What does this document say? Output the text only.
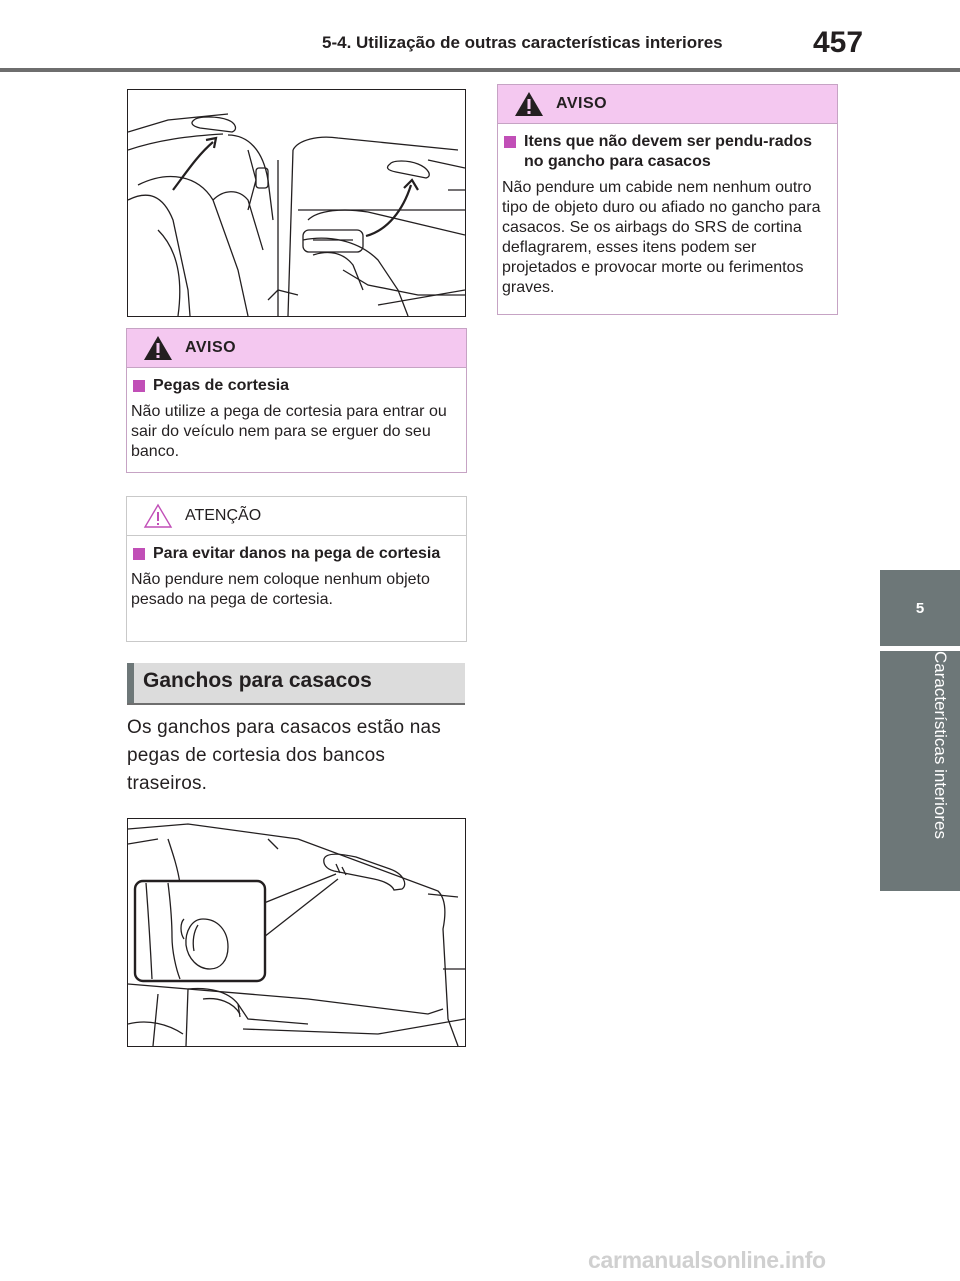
5-4. Utilização de outras características interiores	457
5
Características interiores
AVISO
Pegas de cortesia
Não utilize a pega de cortesia para entrar ou sair do veículo nem para se erguer do seu banco.
ATENÇÃO
Para evitar danos na pega de cortesia
Não pendure nem coloque nenhum objeto pesado na pega de cortesia.
Ganchos para casacos
Os ganchos para casacos estão nas pegas de cortesia dos bancos traseiros.
AVISO
Itens que não devem ser pendu-rados no gancho para casacos
Não pendure um cabide nem nenhum outro tipo de objeto duro ou afiado no gancho para casacos. Se os airbags do SRS de cortina deflagrarem, esses itens podem ser projetados e provocar morte ou ferimentos graves.
carmanualsonline.info
